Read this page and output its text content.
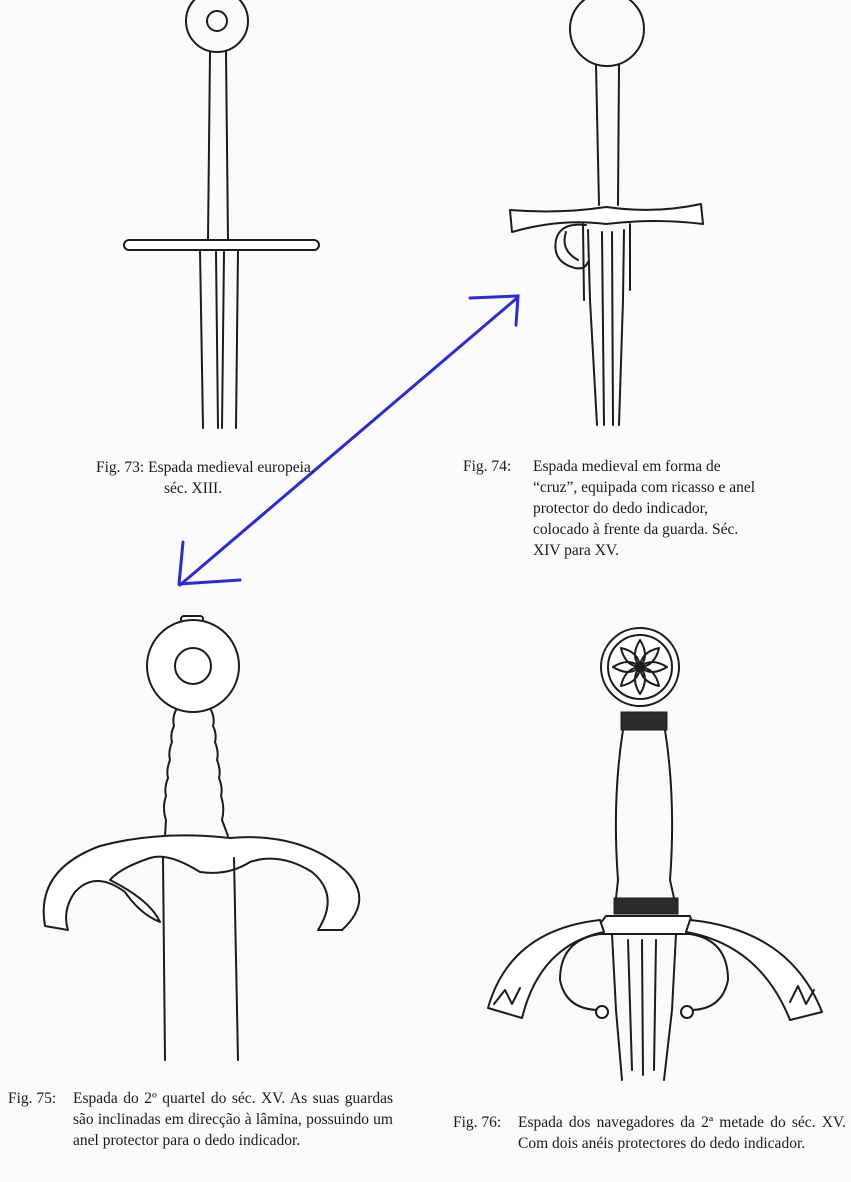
Fig. 73: Espada medieval europeia,
séc. XIII.

Fig. 74: Espada medieval em forma de “cruz”, equipada com ricasso e anel protector do dedo indicador, colocado à frente da guarda. Séc. XIV para XV.

Fig. 75: Espada do 2º quartel do séc. XV. As suas guardas são inclinadas em direcção à lâmina, possuindo um anel protector para o dedo indicador.

Fig. 76: Espada dos navegadores da 2ª metade do séc. XV. Com dois anéis protectores do dedo indicador.
